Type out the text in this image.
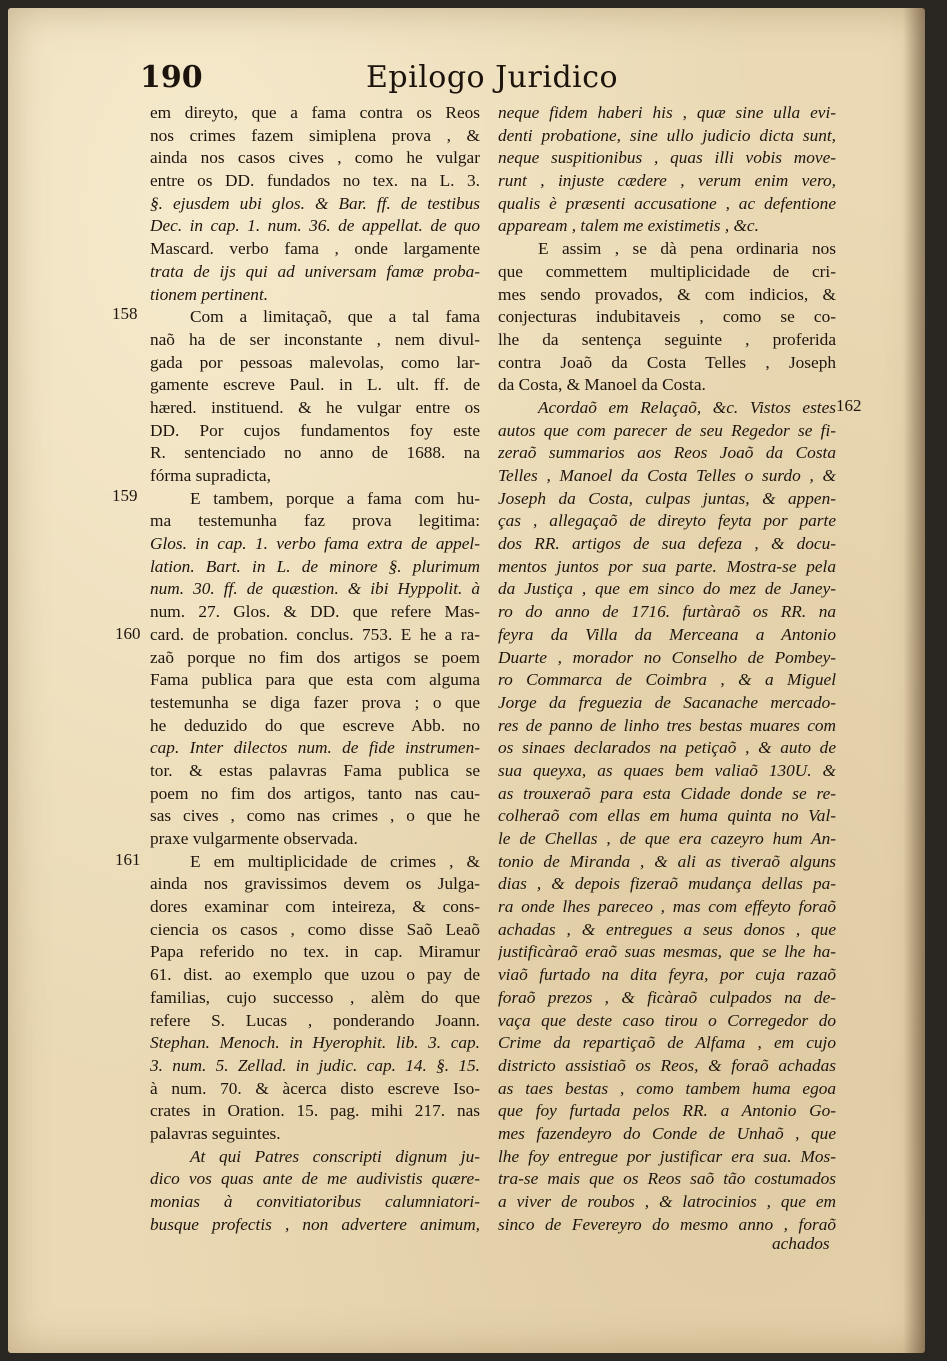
190	Epilogo Juridico
em direyto, que a fama contra os Reos
nos crimes fazem simiplena prova , &
ainda nos casos cives , como he vulgar
entre os DD. fundados no tex. na L. 3.
§. ejusdem ubi glos. & Bar. ff. de testibus
Dec. in cap. 1. num. 36. de appellat. de quo
Mascard. verbo fama , onde largamente
trata de ijs qui ad universam famæ proba-
tionem pertinent.
Com a limitaçaõ, que a tal fama
naõ ha de ser inconstante , nem divul-
gada por pessoas malevolas, como lar-
gamente escreve Paul. in L. ult. ff. de
hæred. instituend. & he vulgar entre os
DD. Por cujos fundamentos foy este
R. sentenciado no anno de 1688. na
fórma supradicta,
E tambem, porque a fama com hu-
ma testemunha faz prova legitima:
Glos. in cap. 1. verbo fama extra de appel-
lation. Bart. in L. de minore §. plurimum
num. 30. ff. de quæstion. & ibi Hyppolit. à
num. 27. Glos. & DD. que refere Mas-
card. de probation. conclus. 753. E he a ra-
zaõ porque no fim dos artigos se poem
Fama publica para que esta com alguma
testemunha se diga fazer prova ; o que
he deduzido do que escreve Abb. no
cap. Inter dilectos num. de fide instrumen-
tor. & estas palavras Fama publica se
poem no fim dos artigos, tanto nas cau-
sas cives , como nas crimes , o que he
praxe vulgarmente observada.
E em multiplicidade de crimes , &
ainda nos gravissimos devem os Julga-
dores examinar com inteireza, & cons-
ciencia os casos , como disse Saõ Leaõ
Papa referido no tex. in cap. Miramur
61. dist. ao exemplo que uzou o pay de
familias, cujo successo , alèm do que
refere S. Lucas , ponderando Joann.
Stephan. Menoch. in Hyerophit. lib. 3. cap.
3. num. 5. Zellad. in judic. cap. 14. §. 15.
à num. 70. & àcerca disto escreve Iso-
crates in Oration. 15. pag. mihi 217. nas
palavras seguintes.
At qui Patres conscripti dignum ju-
dico vos quas ante de me audivistis quære-
monias à convitiatoribus calumniatori-
busque profectis , non advertere animum,
neque fidem haberi his , quæ sine ulla evi-
denti probatione, sine ullo judicio dicta sunt,
neque suspitionibus , quas illi vobis move-
runt , injuste cædere , verum enim vero,
qualis è præsenti accusatione , ac defentione
appaream , talem me existimetis , &c.
E assim , se dà pena ordinaria nos
que commettem multiplicidade de cri-
mes sendo provados, & com indicios, &
conjecturas indubitaveis , como se co-
lhe da sentença seguinte , proferida
contra Joaõ da Costa Telles , Joseph
da Costa, & Manoel da Costa.
Acordaõ em Relaçaõ, &c. Vistos estes
autos que com parecer de seu Regedor se fi-
zeraõ summarios aos Reos Joaõ da Costa
Telles , Manoel da Costa Telles o surdo , &
Joseph da Costa, culpas juntas, & appen-
ças , allegaçaõ de direyto feyta por parte
dos RR. artigos de sua defeza , & docu-
mentos juntos por sua parte. Mostra-se pela
da Justiça , que em sinco do mez de Janey-
ro do anno de 1716. furtàraõ os RR. na
feyra da Villa da Merceana a Antonio
Duarte , morador no Conselho de Pombey-
ro Commarca de Coimbra , & a Miguel
Jorge da freguezia de Sacanache mercado-
res de panno de linho tres bestas muares com
os sinaes declarados na petiçaõ , & auto de
sua queyxa, as quaes bem valiaõ 130U. &
as trouxeraõ para esta Cidade donde se re-
colheraõ com ellas em huma quinta no Val-
le de Chellas , de que era cazeyro hum An-
tonio de Miranda , & ali as tiveraõ alguns
dias , & depois fizeraõ mudança dellas pa-
ra onde lhes pareceo , mas com effeyto foraõ
achadas , & entregues a seus donos , que
justificàraõ eraõ suas mesmas, que se lhe ha-
viaõ furtado na dita feyra, por cuja razaõ
foraõ prezos , & ficàraõ culpados na de-
vaça que deste caso tirou o Corregedor do
Crime da repartiçaõ de Alfama , em cujo
districto assistiaõ os Reos, & foraõ achadas
as taes bestas , como tambem huma egoa
que foy furtada pelos RR. a Antonio Go-
mes fazendeyro do Conde de Unhaõ , que
lhe foy entregue por justificar era sua. Mos-
tra-se mais que os Reos saõ tão costumados
a viver de roubos , & latrocinios , que em
sinco de Fevereyro do mesmo anno , foraõ
158
159
160
161
162
achados
